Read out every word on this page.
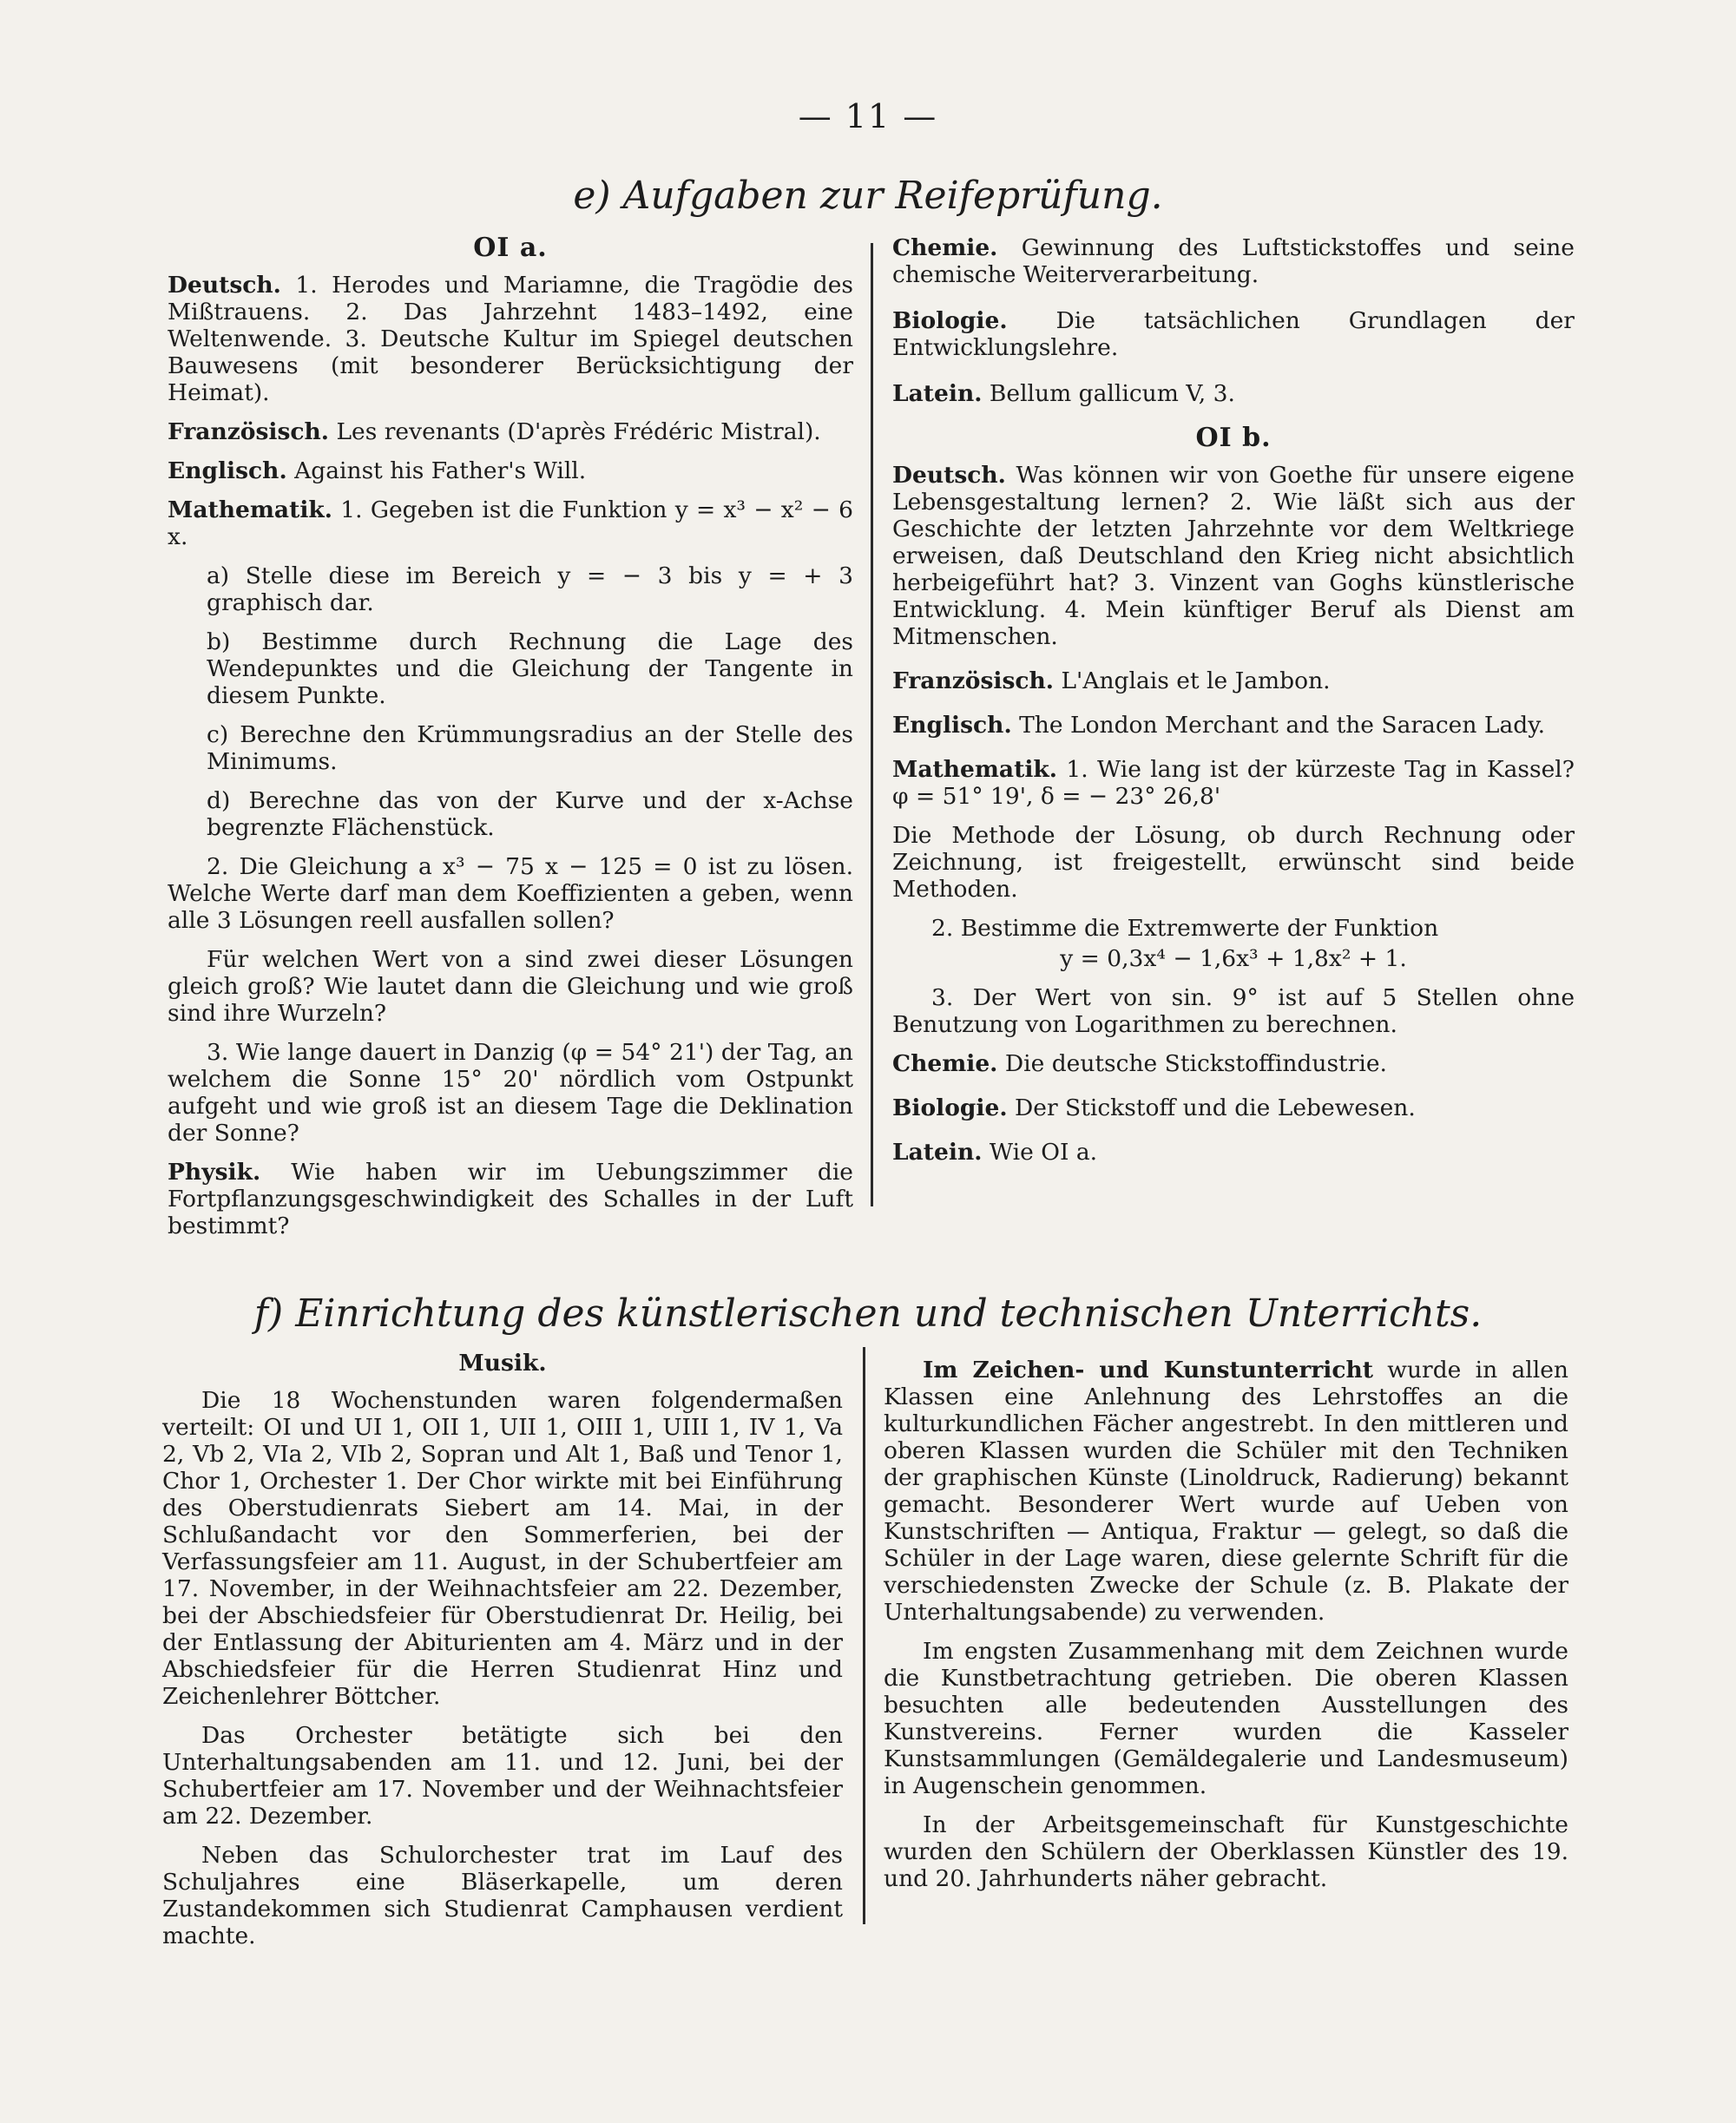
— 11 —
e) Aufgaben zur Reifeprüfung.
OI a.

Deutsch. 1. Herodes und Mariamne, die Tragödie des Mißtrauens. 2. Das Jahrzehnt 1483–1492, eine Weltenwende. 3. Deutsche Kultur im Spiegel deutschen Bauwesens (mit besonderer Berücksichtigung der Heimat).

Französisch. Les revenants (D'après Frédéric Mistral).

Englisch. Against his Father's Will.

Mathematik. 1. Gegeben ist die Funktion y = x³ − x² − 6 x.

a) Stelle diese im Bereich y = − 3 bis y = + 3 graphisch dar.

b) Bestimme durch Rechnung die Lage des Wendepunktes und die Gleichung der Tangente in diesem Punkte.

c) Berechne den Krümmungsradius an der Stelle des Minimums.

d) Berechne das von der Kurve und der x-Achse begrenzte Flächenstück.

2. Die Gleichung a x³ − 75 x − 125 = 0 ist zu lösen. Welche Werte darf man dem Koeffizienten a geben, wenn alle 3 Lösungen reell ausfallen sollen?

Für welchen Wert von a sind zwei dieser Lösungen gleich groß? Wie lautet dann die Gleichung und wie groß sind ihre Wurzeln?

3. Wie lange dauert in Danzig (φ = 54° 21') der Tag, an welchem die Sonne 15° 20' nördlich vom Ostpunkt aufgeht und wie groß ist an diesem Tage die Deklination der Sonne?

Physik. Wie haben wir im Uebungszimmer die Fortpflanzungsgeschwindigkeit des Schalles in der Luft bestimmt?

Chemie. Gewinnung des Luftstickstoffes und seine chemische Weiterverarbeitung.

Biologie. Die tatsächlichen Grundlagen der Entwicklungslehre.

Latein. Bellum gallicum V, 3.

OI b.

Deutsch. Was können wir von Goethe für unsere eigene Lebensgestaltung lernen? 2. Wie läßt sich aus der Geschichte der letzten Jahrzehnte vor dem Weltkriege erweisen, daß Deutschland den Krieg nicht absichtlich herbeigeführt hat? 3. Vinzent van Goghs künstlerische Entwicklung. 4. Mein künftiger Beruf als Dienst am Mitmenschen.

Französisch. L'Anglais et le Jambon.

Englisch. The London Merchant and the Saracen Lady.

Mathematik. 1. Wie lang ist der kürzeste Tag in Kassel? φ = 51° 19', δ = − 23° 26,8'

Die Methode der Lösung, ob durch Rechnung oder Zeichnung, ist freigestellt, erwünscht sind beide Methoden.

2. Bestimme die Extremwerte der Funktion

y = 0,3x⁴ − 1,6x³ + 1,8x² + 1.

3. Der Wert von sin. 9° ist auf 5 Stellen ohne Benutzung von Logarithmen zu berechnen.

Chemie. Die deutsche Stickstoffindustrie.

Biologie. Der Stickstoff und die Lebewesen.

Latein. Wie OI a.

f) Einrichtung des künstlerischen und technischen Unterrichts.
Musik.

Die 18 Wochenstunden waren folgendermaßen verteilt: OI und UI 1, OII 1, UII 1, OIII 1, UIII 1, IV 1, Va 2, Vb 2, VIa 2, VIb 2, Sopran und Alt 1, Baß und Tenor 1, Chor 1, Orchester 1. Der Chor wirkte mit bei Einführung des Oberstudienrats Siebert am 14. Mai, in der Schlußandacht vor den Sommerferien, bei der Verfassungsfeier am 11. August, in der Schubertfeier am 17. November, in der Weihnachtsfeier am 22. Dezember, bei der Abschiedsfeier für Oberstudienrat Dr. Heilig, bei der Entlassung der Abiturienten am 4. März und in der Abschiedsfeier für die Herren Studienrat Hinz und Zeichenlehrer Böttcher.

Das Orchester betätigte sich bei den Unterhaltungsabenden am 11. und 12. Juni, bei der Schubertfeier am 17. November und der Weihnachtsfeier am 22. Dezember.

Neben das Schulorchester trat im Lauf des Schuljahres eine Bläserkapelle, um deren Zustandekommen sich Studienrat Camphausen verdient machte.

Im Zeichen- und Kunstunterricht wurde in allen Klassen eine Anlehnung des Lehrstoffes an die kulturkundlichen Fächer angestrebt. In den mittleren und oberen Klassen wurden die Schüler mit den Techniken der graphischen Künste (Linoldruck, Radierung) bekannt gemacht. Besonderer Wert wurde auf Ueben von Kunstschriften — Antiqua, Fraktur — gelegt, so daß die Schüler in der Lage waren, diese gelernte Schrift für die verschiedensten Zwecke der Schule (z. B. Plakate der Unterhaltungsabende) zu verwenden.

Im engsten Zusammenhang mit dem Zeichnen wurde die Kunstbetrachtung getrieben. Die oberen Klassen besuchten alle bedeutenden Ausstellungen des Kunstvereins. Ferner wurden die Kasseler Kunstsammlungen (Gemäldegalerie und Landesmuseum) in Augenschein genommen.

In der Arbeitsgemeinschaft für Kunstgeschichte wurden den Schülern der Oberklassen Künstler des 19. und 20. Jahrhunderts näher gebracht.
